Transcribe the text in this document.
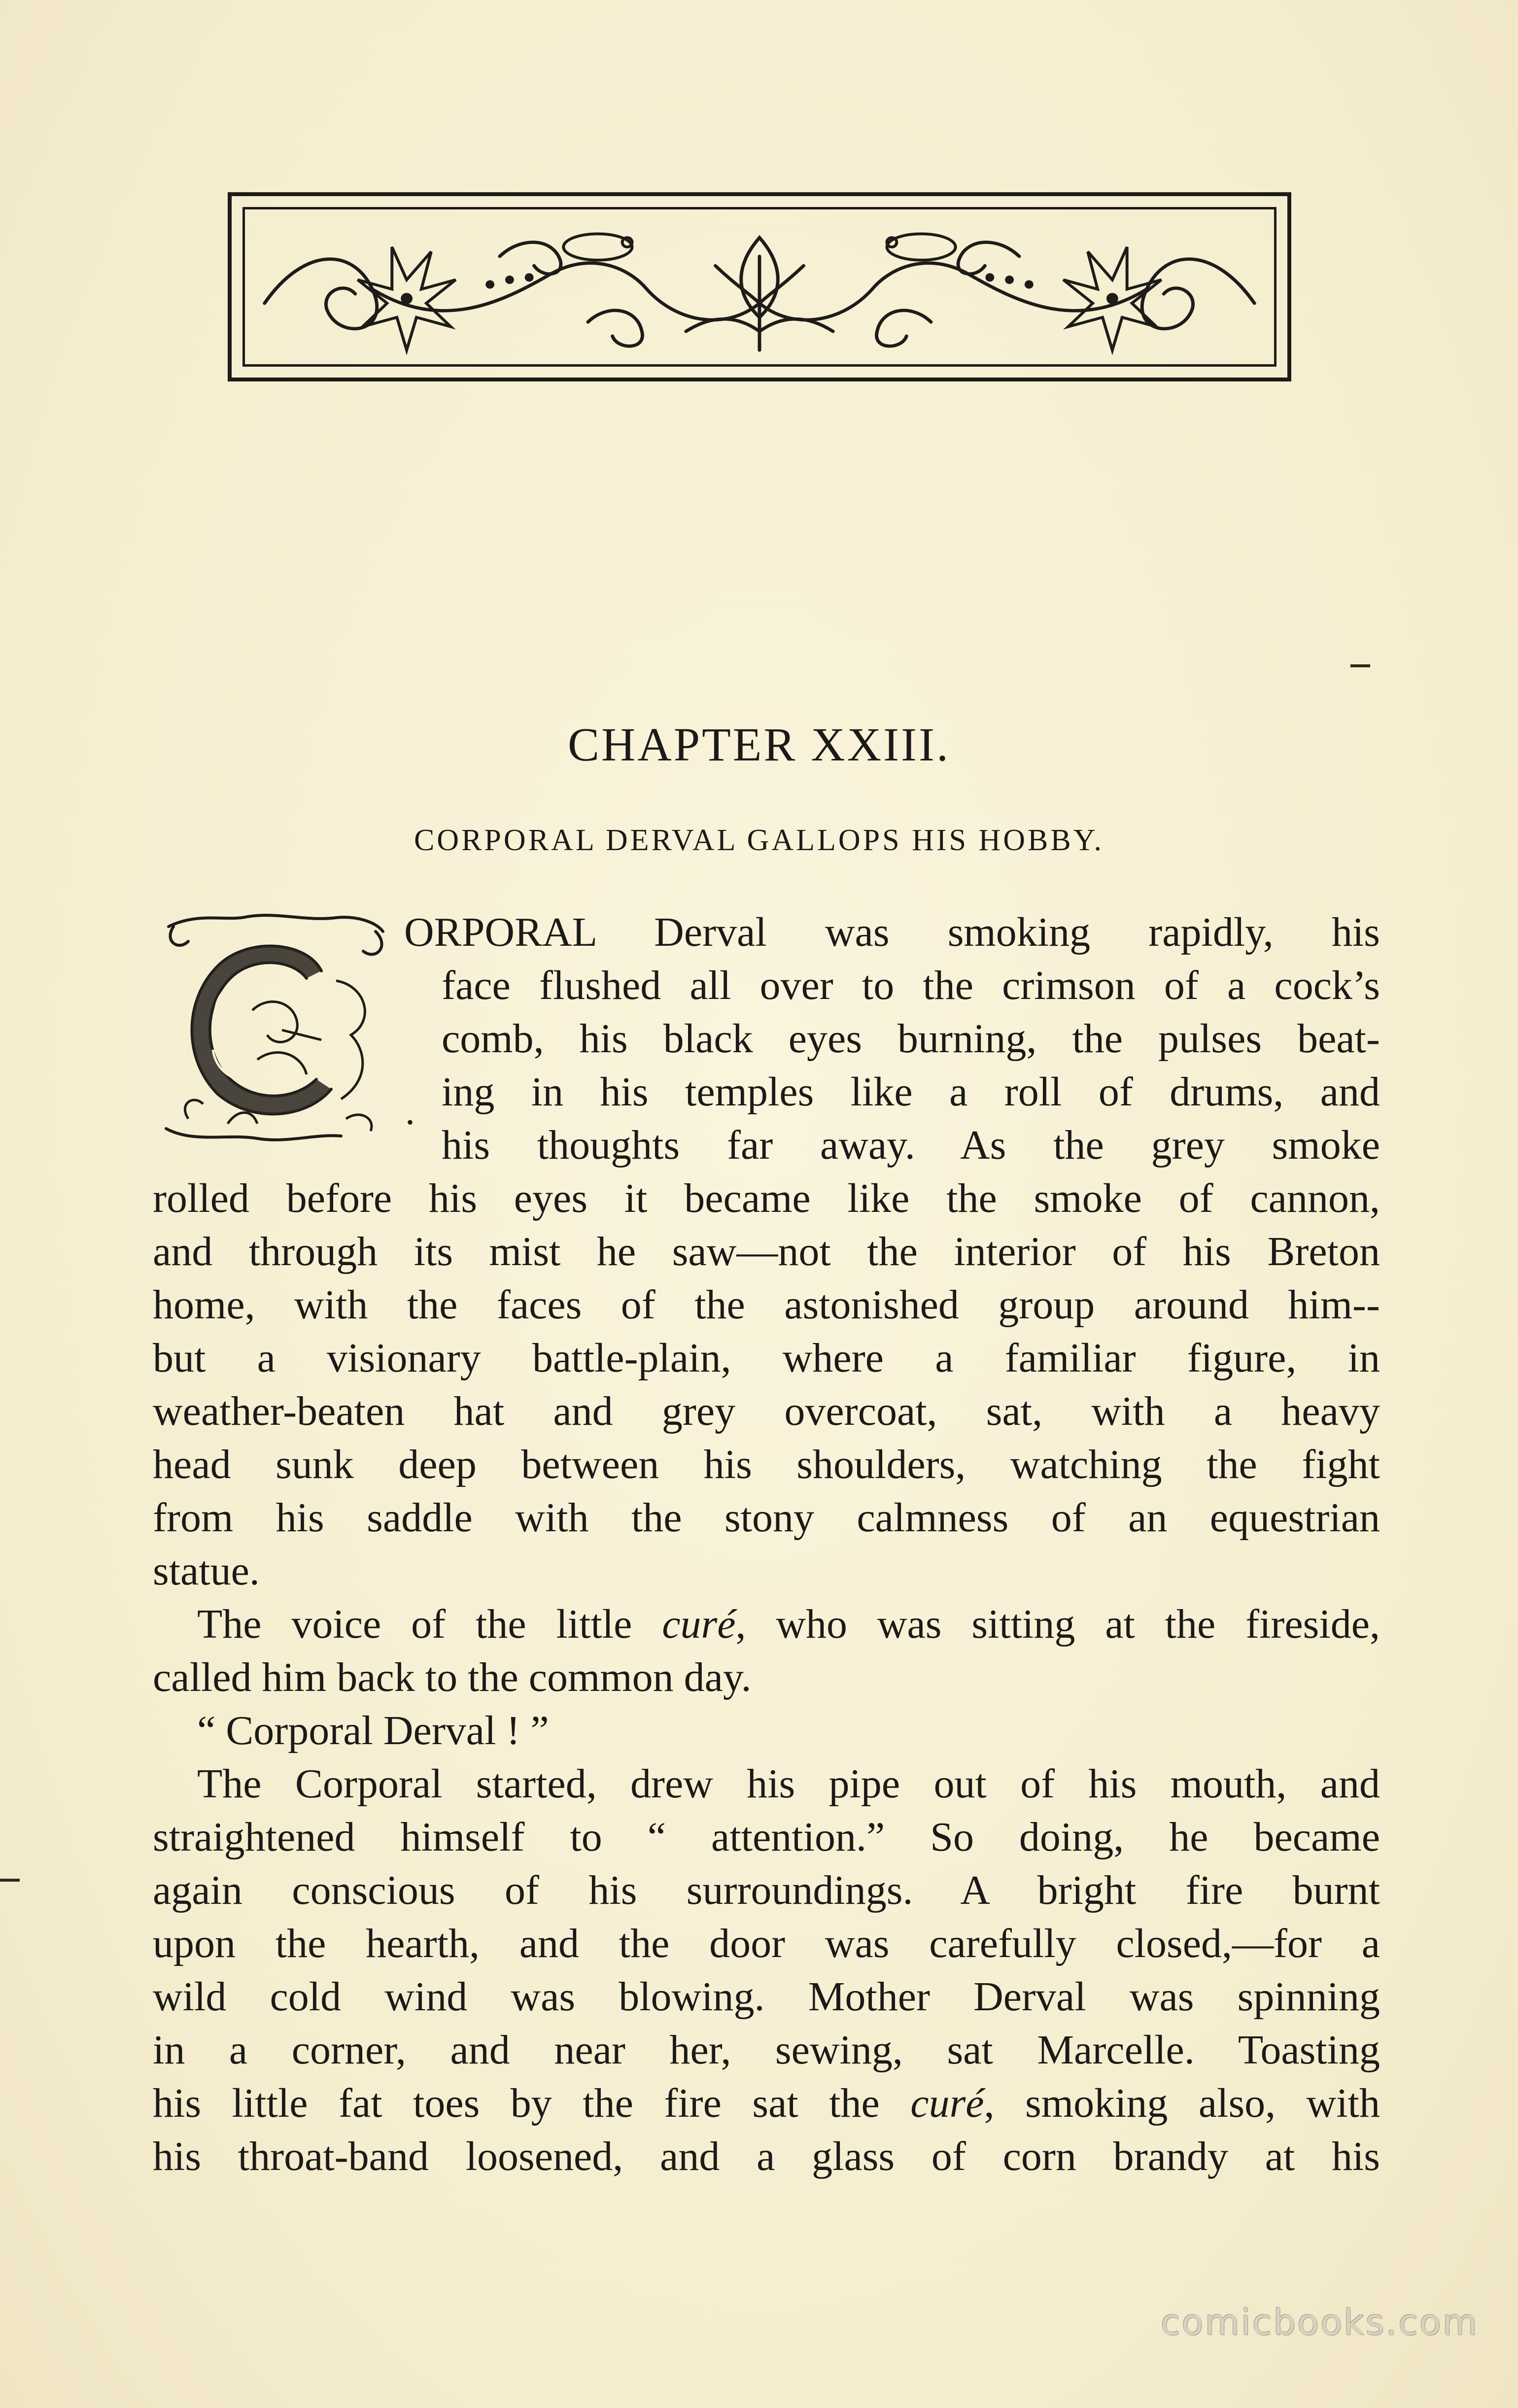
CHAPTER XXIII.
CORPORAL DERVAL GALLOPS HIS HOBBY.
.
ORPORAL Derval was smoking rapidly, his
face flushed all over to the crimson of a cock’s
comb, his black eyes burning, the pulses beat-
ing in his temples like a roll of drums, and
his thoughts far away. As the grey smoke
rolled before his eyes it became like the smoke of cannon,
and through its mist he saw—not the interior of his Breton
home, with the faces of the astonished group around him--
but a visionary battle-plain, where a familiar figure, in
weather-beaten hat and grey overcoat, sat, with a heavy
head sunk deep between his shoulders, watching the fight
from his saddle with the stony calmness of an equestrian
statue.
The voice of the little curé, who was sitting at the fireside,
called him back to the common day.
“ Corporal Derval ! ”
The Corporal started, drew his pipe out of his mouth, and
straightened himself to “ attention.” So doing, he became
again conscious of his surroundings. A bright fire burnt
upon the hearth, and the door was carefully closed,—for a
wild cold wind was blowing. Mother Derval was spinning
in a corner, and near her, sewing, sat Marcelle. Toasting
his little fat toes by the fire sat the curé, smoking also, with
his throat-band loosened, and a glass of corn brandy at his
comicbooks.com
